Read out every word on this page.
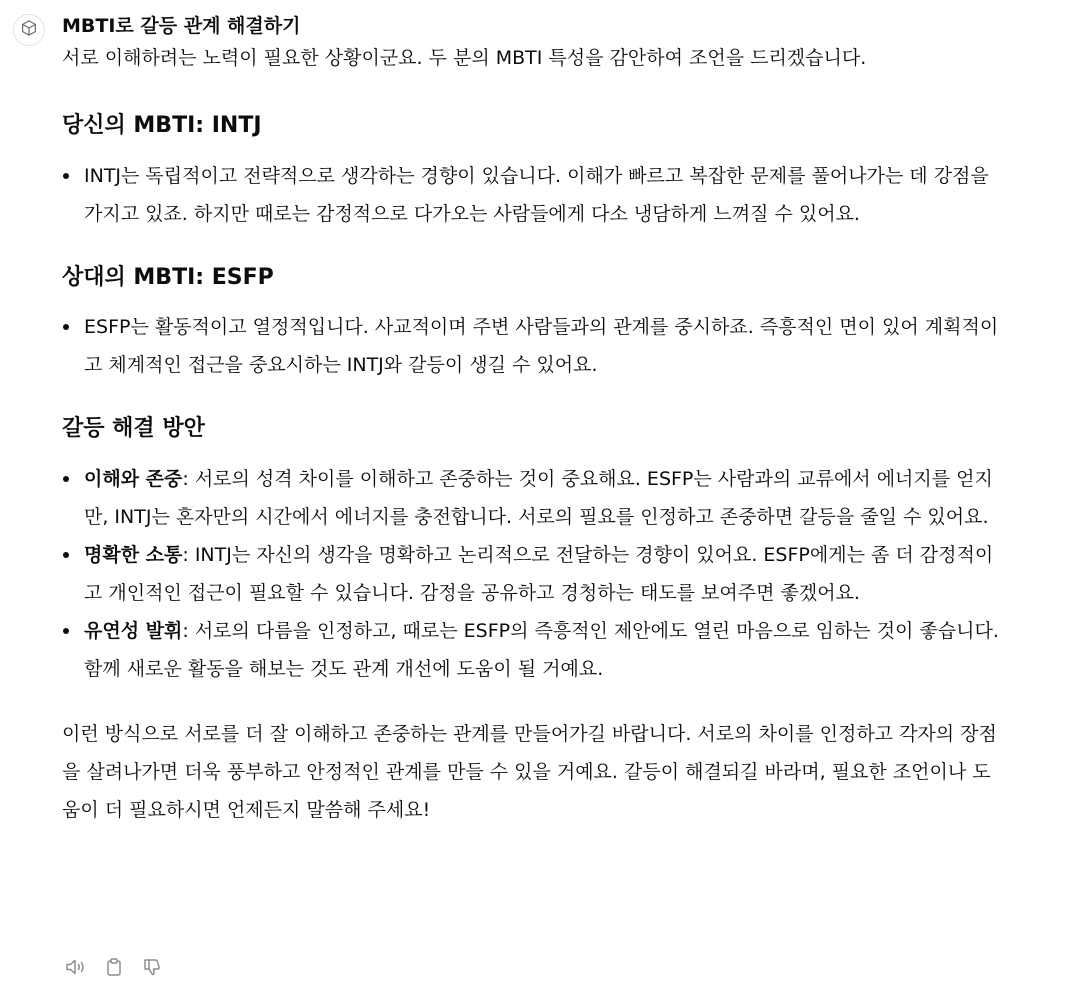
MBTI로 갈등 관계 해결하기

서로 이해하려는 노력이 필요한 상황이군요. 두 분의 MBTI 특성을 감안하여 조언을 드리겠습니다.

당신의 MBTI: INTJ
INTJ는 독립적이고 전략적으로 생각하는 경향이 있습니다. 이해가 빠르고 복잡한 문제를 풀어나가는 데 강점을 가지고 있죠. 하지만 때로는 감정적으로 다가오는 사람들에게 다소 냉담하게 느껴질 수 있어요.
상대의 MBTI: ESFP
ESFP는 활동적이고 열정적입니다. 사교적이며 주변 사람들과의 관계를 중시하죠. 즉흥적인 면이 있어 계획적이고 체계적인 접근을 중요시하는 INTJ와 갈등이 생길 수 있어요.
갈등 해결 방안
이해와 존중: 서로의 성격 차이를 이해하고 존중하는 것이 중요해요. ESFP는 사람과의 교류에서 에너지를 얻지만, INTJ는 혼자만의 시간에서 에너지를 충전합니다. 서로의 필요를 인정하고 존중하면 갈등을 줄일 수 있어요.
명확한 소통: INTJ는 자신의 생각을 명확하고 논리적으로 전달하는 경향이 있어요. ESFP에게는 좀 더 감정적이고 개인적인 접근이 필요할 수 있습니다. 감정을 공유하고 경청하는 태도를 보여주면 좋겠어요.
유연성 발휘: 서로의 다름을 인정하고, 때로는 ESFP의 즉흥적인 제안에도 열린 마음으로 임하는 것이 좋습니다. 함께 새로운 활동을 해보는 것도 관계 개선에 도움이 될 거예요.

이런 방식으로 서로를 더 잘 이해하고 존중하는 관계를 만들어가길 바랍니다. 서로의 차이를 인정하고 각자의 장점을 살려나가면 더욱 풍부하고 안정적인 관계를 만들 수 있을 거예요. 갈등이 해결되길 바라며, 필요한 조언이나 도움이 더 필요하시면 언제든지 말씀해 주세요!
